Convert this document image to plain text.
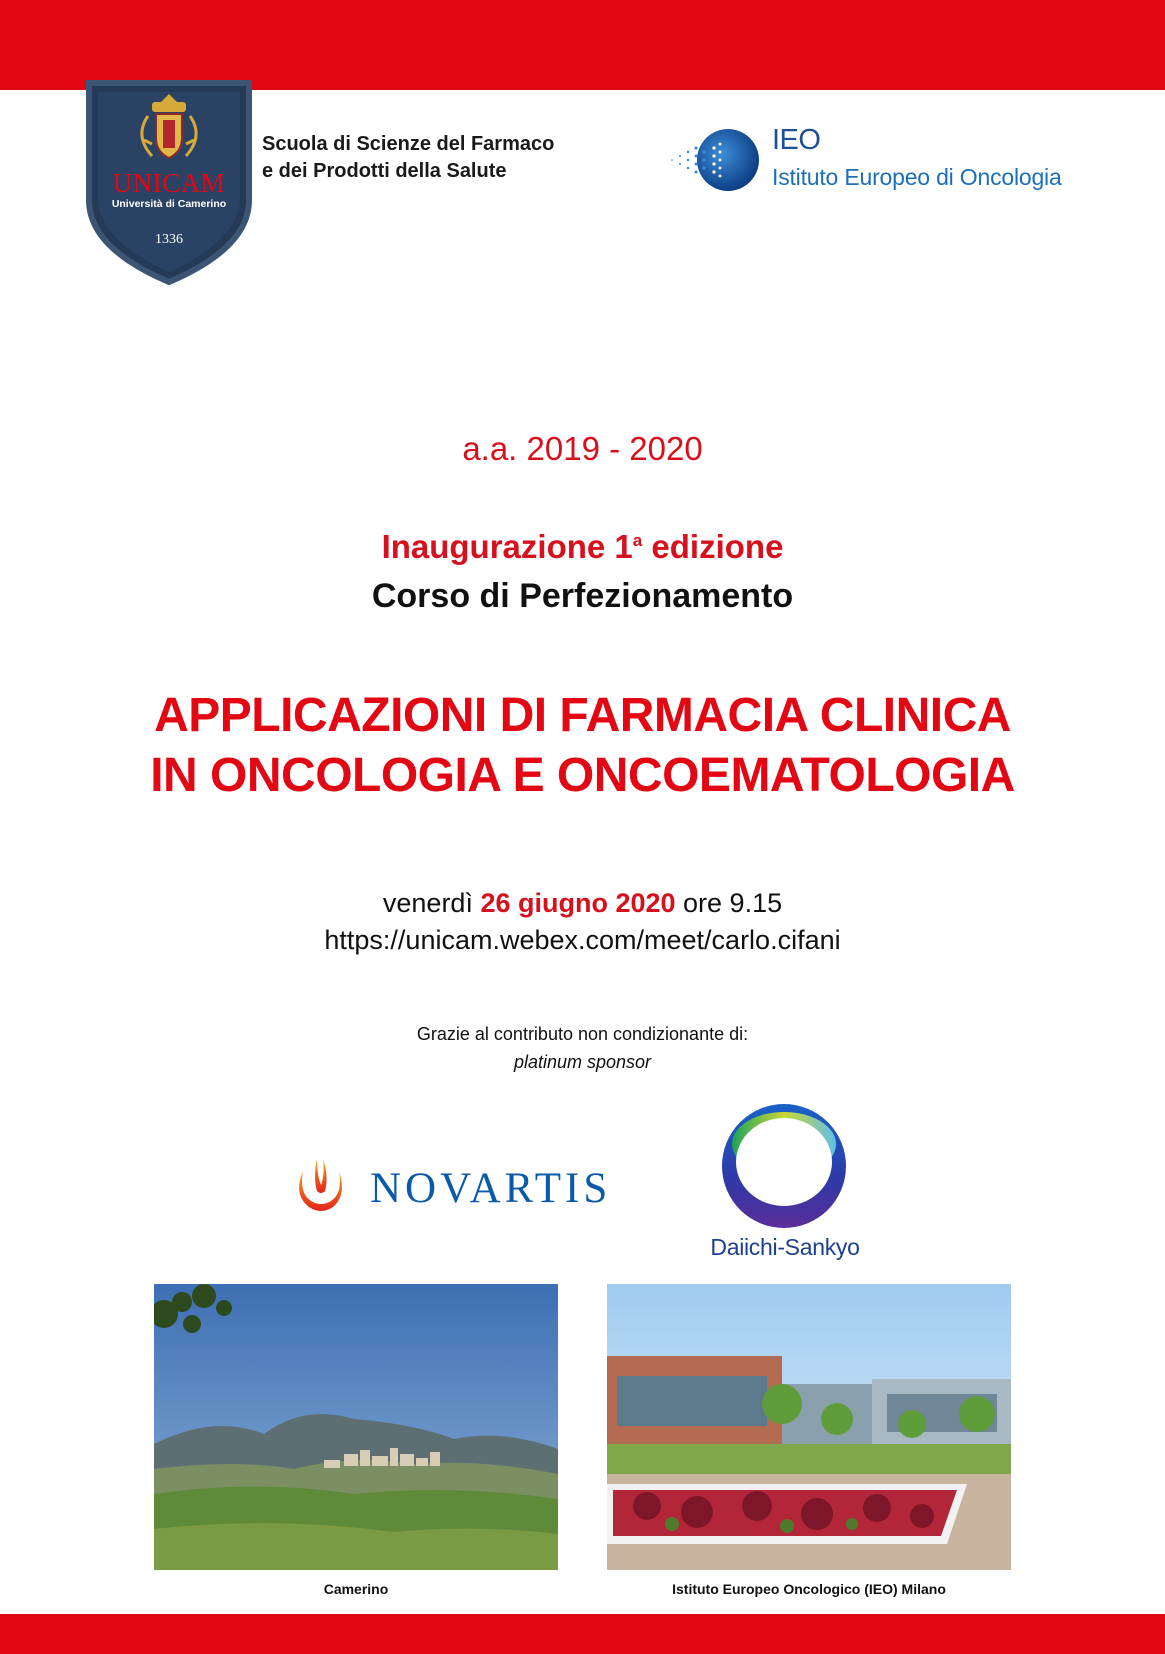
UNICAM
Università di Camerino
1336
Scuola di Scienze del Farmaco
e dei Prodotti della Salute
IEO
Istituto Europeo di Oncologia
a.a. 2019 - 2020
Inaugurazione 1$^a$ edizione
Corso di Perfezionamento
APPLICAZIONI DI FARMACIA CLINICA
IN ONCOLOGIA E ONCOEMATOLOGIA
venerdì 26 giugno 2020 ore 9.15
https://unicam.webex.com/meet/carlo.cifani
Grazie al contributo non condizionante di:
platinum sponsor
NOVARTIS
Daiichi-Sankyo
Camerino	Istituto Europeo Oncologico (IEO) Milano
